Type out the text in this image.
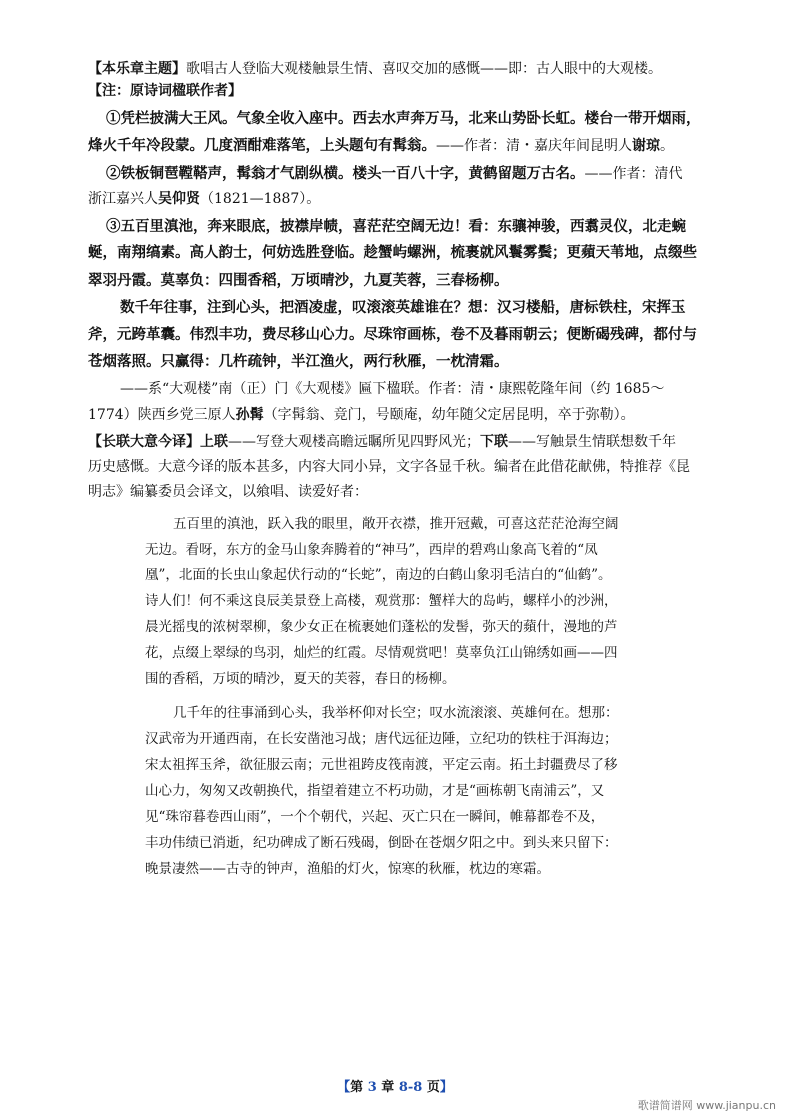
【本乐章主题】歌唱古人登临大观楼触景生情、喜叹交加的感慨——即：古人眼中的大观楼。
【注：原诗词楹联作者】
①凭栏披满大王风。气象全收入座中。西去水声奔万马，北来山势卧长虹。楼台一带开烟雨，
烽火千年冷段蒙。几度酒酣难落笔，上头题句有髯翁。——作者：清・嘉庆年间昆明人谢琼。
②铁板铜琶鞺鞳声，髯翁才气剧纵横。楼头一百八十字，黄鹤留题万古名。——作者：清代
浙江嘉兴人吴仰贤（1821—1887）。
③五百里滇池，奔来眼底，披襟岸帻，喜茫茫空阔无边！看：东骧神骏，西翥灵仪，北走蜿
蜒，南翔缟素。高人韵士，何妨选胜登临。趁蟹屿螺洲，梳裹就风鬟雾鬓；更蘋天苇地，点缀些
翠羽丹霞。莫辜负：四围香稻，万顷晴沙，九夏芙蓉，三春杨柳。
数千年往事，注到心头，把酒凌虚，叹滚滚英雄谁在？想：汉习楼船，唐标铁柱，宋挥玉
斧，元跨革囊。伟烈丰功，费尽移山心力。尽珠帘画栋，卷不及暮雨朝云；便断碣残碑，都付与
苍烟落照。只赢得：几杵疏钟，半江渔火，两行秋雁，一枕清霜。
——系“大观楼”南（正）门《大观楼》匾下楹联。作者：清・康熙乾隆年间（约 1685～
1774）陕西乡党三原人孙髯（字髯翁、竞门，号颐庵，幼年随父定居昆明，卒于弥勒）。
【长联大意今译】上联——写登大观楼高瞻远瞩所见四野风光；下联——写触景生情联想数千年
历史感慨。大意今译的版本甚多，内容大同小异，文字各显千秋。编者在此借花献佛，特推荐《昆
明志》编纂委员会译文，以飨唱、读爱好者：
五百里的滇池，跃入我的眼里，敞开衣襟，推开冠戴，可喜这茫茫沧海空阔
无边。看呀，东方的金马山象奔腾着的“神马”，西岸的碧鸡山象高飞着的“凤
凰”，北面的长虫山象起伏行动的“长蛇”，南边的白鹤山象羽毛洁白的“仙鹤”。
诗人们！何不乘这良辰美景登上高楼，观赏那：蟹样大的岛屿，螺样小的沙洲，
晨光摇曳的浓树翠柳，象少女正在梳裹她们蓬松的发髻，弥天的蘋什，漫地的芦
花，点缀上翠绿的鸟羽，灿烂的红霞。尽情观赏吧！莫辜负江山锦绣如画——四
围的香稻，万顷的晴沙，夏天的芙蓉，春日的杨柳。
几千年的往事涌到心头，我举杯仰对长空；叹水流滚滚、英雄何在。想那：
汉武帝为开通西南，在长安凿池习战；唐代远征边陲，立纪功的铁柱于洱海边；
宋太祖挥玉斧，欲征服云南；元世祖跨皮筏南渡，平定云南。拓土封疆费尽了移
山心力，匆匆又改朝换代，指望着建立不朽功勋，才是“画栋朝飞南浦云”，又
见“珠帘暮卷西山雨”，一个个朝代，兴起、灭亡只在一瞬间，帷幕都卷不及，
丰功伟绩已消逝，纪功碑成了断石残碣，倒卧在苍烟夕阳之中。到头来只留下：
晚景凄然——古寺的钟声，渔船的灯火，惊寒的秋雁，枕边的寒霜。
【第 3 章 8-8 页】
歌谱简谱网 www.jianpu.cn
